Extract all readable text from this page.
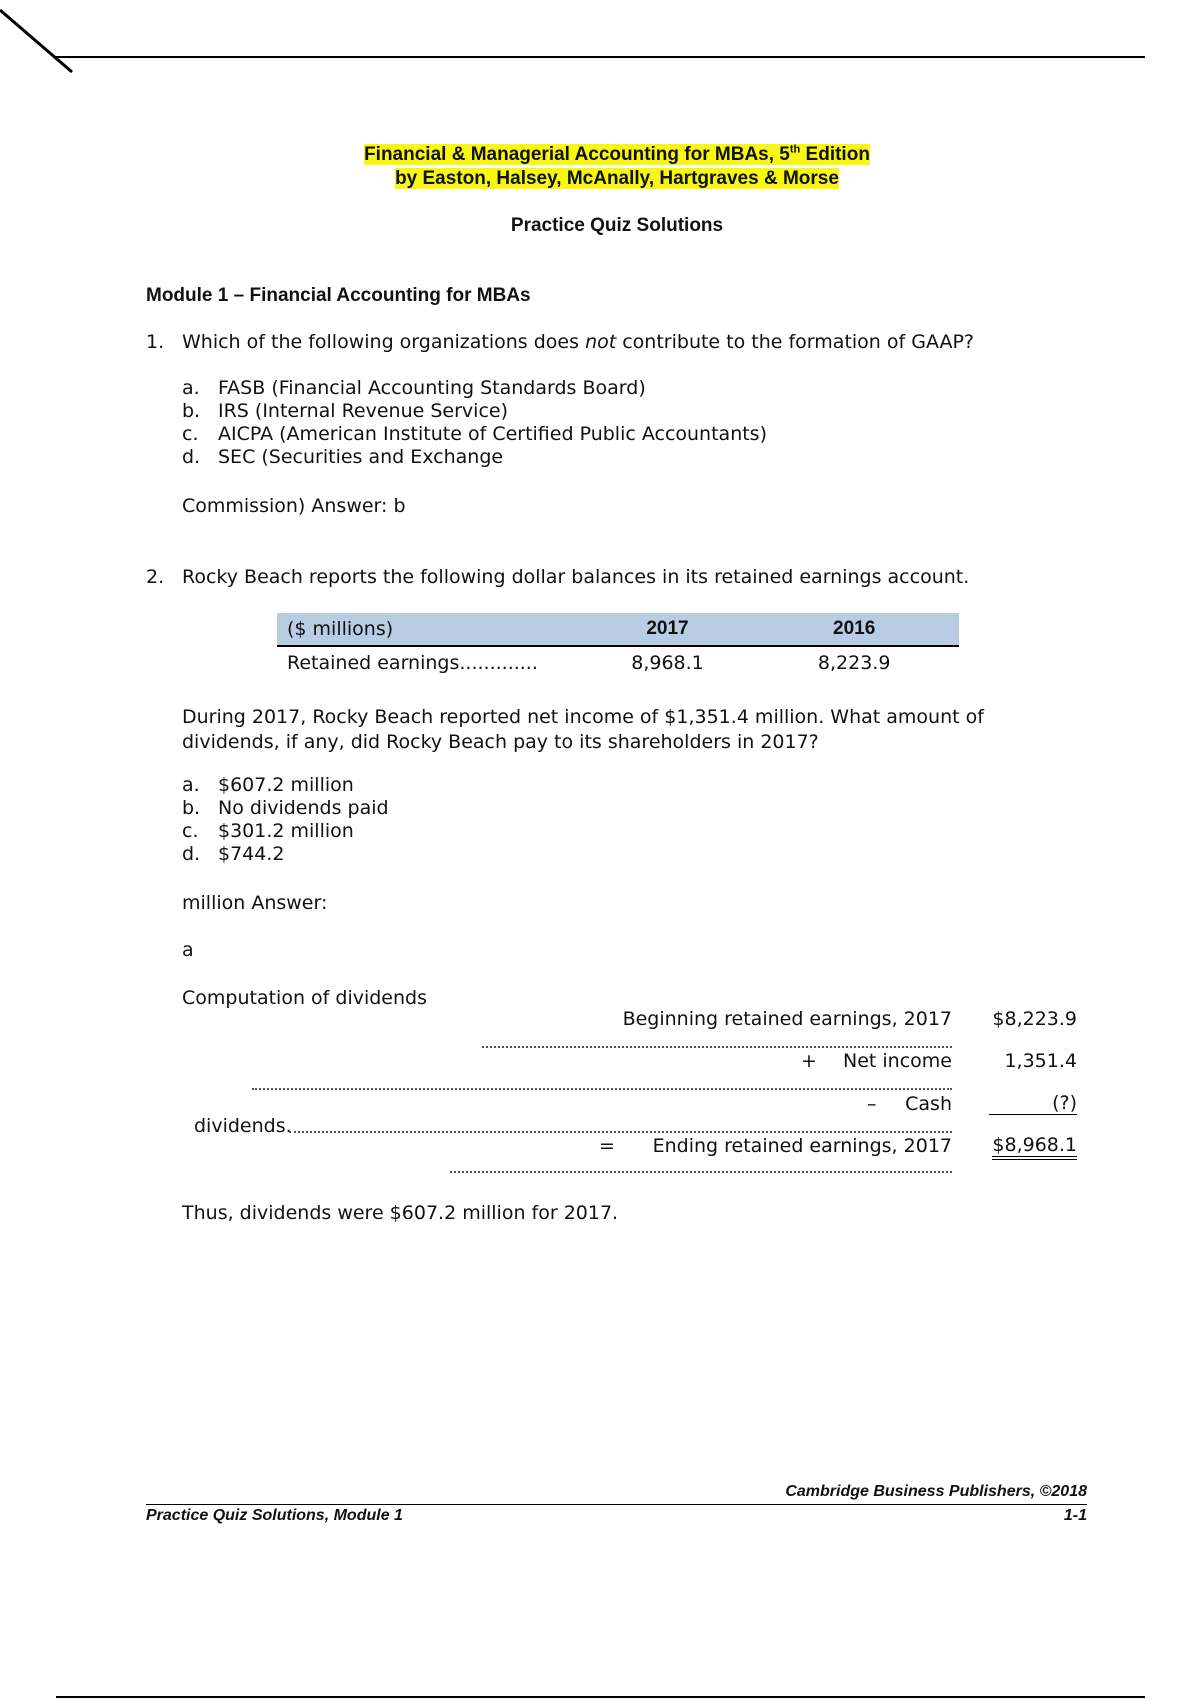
Financial & Managerial Accounting for MBAs, 5th Edition
by Easton, Halsey, McAnally, Hartgraves & Morse
Practice Quiz Solutions
Module 1 – Financial Accounting for MBAs
1. Which of the following organizations does not contribute to the formation of GAAP?
a. FASB (Financial Accounting Standards Board)
b. IRS (Internal Revenue Service)
c. AICPA (American Institute of Certified Public Accountants)
d. SEC (Securities and Exchange
Commission) Answer: b
2. Rocky Beach reports the following dollar balances in its retained earnings account.
($ millions)	2017	2016
Retained earnings.............	8,968.1	8,223.9
During 2017, Rocky Beach reported net income of $1,351.4 million. What amount of
dividends, if any, did Rocky Beach pay to its shareholders in 2017?
a. $607.2 million
b. No dividends paid
c. $301.2 million
d. $744.2
million Answer:
a
Computation of dividends
Beginning retained earnings, 2017 $8,223.9
+ Net income	1,351.4
– Cash	(?)
dividends.
= Ending retained earnings, 2017 $8,968.1
Thus, dividends were $607.2 million for 2017.
Cambridge Business Publishers, ©2018
Practice Quiz Solutions, Module 1	1-1
